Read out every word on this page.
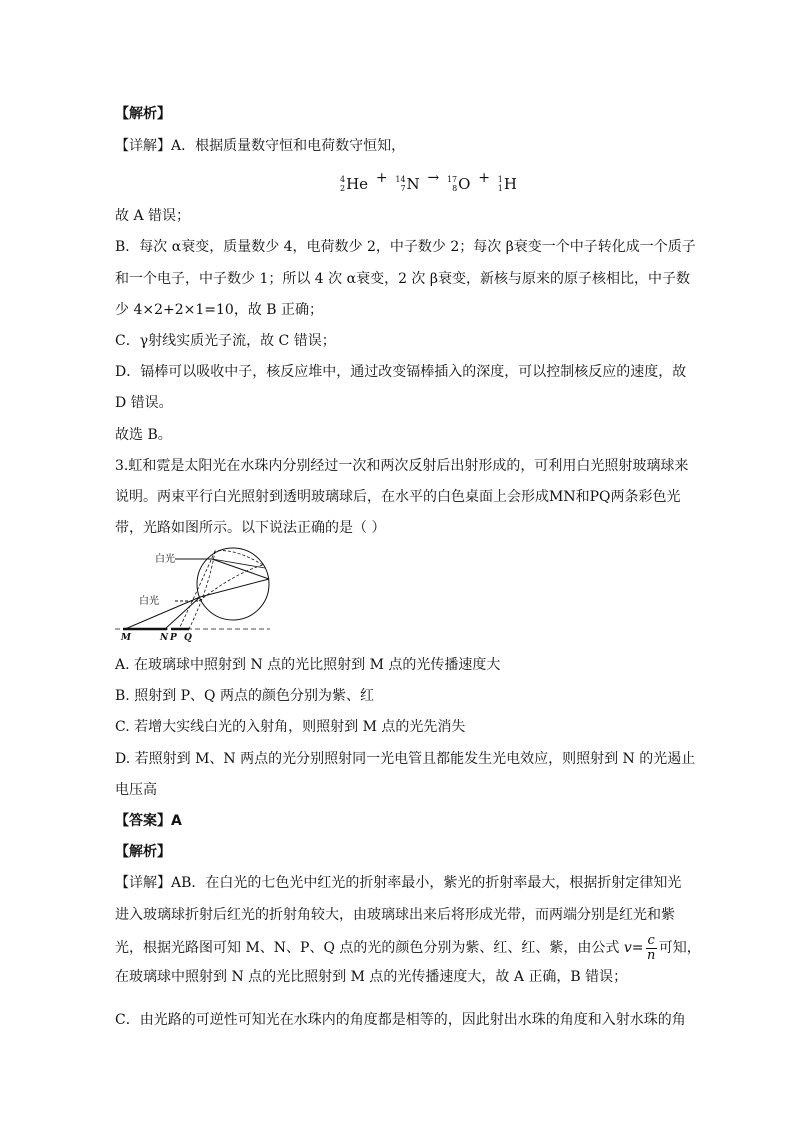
【解析】
【详解】A．根据质量数守恒和电荷数守恒知，
4
2 He + 14
7 N → 17
8 O + 1
1 H
故 A 错误；
B．每次 α衰变，质量数少 4，电荷数少 2，中子数少 2；每次 β衰变一个中子转化成一个质子
和一个电子，中子数少 1；所以 4 次 α衰变，2 次 β衰变，新核与原来的原子核相比，中子数
少 4×2+2×1=10，故 B 正确；
C．γ射线实质光子流，故 C 错误；
D．镉棒可以吸收中子，核反应堆中，通过改变镉棒插入的深度，可以控制核反应的速度，故
D 错误。
故选 B。
3.虹和霓是太阳光在水珠内分别经过一次和两次反射后出射形成的，可利用白光照射玻璃球来
说明。两束平行白光照射到透明玻璃球后，在水平的白色桌面上会形成MN和PQ两条彩色光
带，光路如图所示。以下说法正确的是（ ）
白光
白光
M	N P Q
A. 在玻璃球中照射到 N 点的光比照射到 M 点的光传播速度大
B. 照射到 P、Q 两点的颜色分别为紫、红
C. 若增大实线白光的入射角，则照射到 M 点的光先消失
D. 若照射到 M、N 两点的光分别照射同一光电管且都能发生光电效应，则照射到 N 的光遏止
电压高
【答案】A
【解析】
【详解】AB．在白光的七色光中红光的折射率最小，紫光的折射率最大，根据折射定律知光
进入玻璃球折射后红光的折射角较大，由玻璃球出来后将形成光带，而两端分别是红光和紫
光，根据光路图可知 M、N、P、Q 点的光的颜色分别为紫、红、红、紫，由公式 $v= \frac{c}{n}$ 可知，
在玻璃球中照射到 N 点的光比照射到 M 点的光传播速度大，故 A 正确，B 错误；
C．由光路的可逆性可知光在水珠内的角度都是相等的，因此射出水珠的角度和入射水珠的角
